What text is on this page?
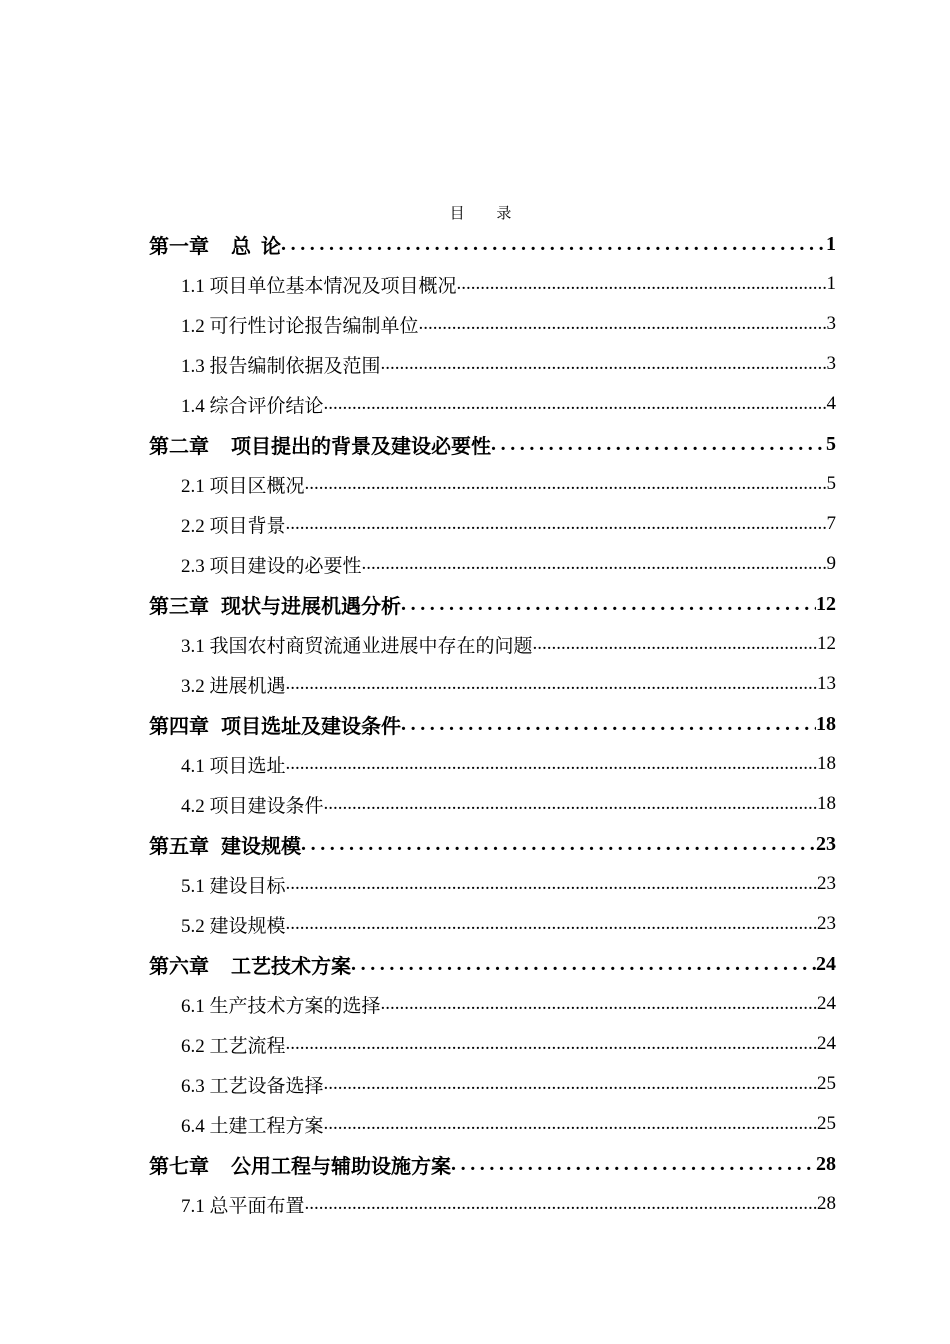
目 录
第一章  总  论 .....	1
1.1 项目单位基本情况及项目概况 .....	1
1.2 可行性讨论报告编制单位 .....	3
1.3 报告编制依据及范围 .....	3
1.4 综合评价结论 .....	4
第二章  项目提出的背景及建设必要性 .....	5
2.1 项目区概况 .....	5
2.2 项目背景 .....	7
2.3 项目建设的必要性 .....	9
第三章 现状与进展机遇分析 .....	12
3.1 我国农村商贸流通业进展中存在的问题 .....	12
3.2 进展机遇 .....	13
第四章 项目选址及建设条件 .....	18
4.1 项目选址 .....	18
4.2 项目建设条件 .....	18
第五章 建设规模 .....	23
5.1 建设目标 .....	23
5.2 建设规模 .....	23
第六章  工艺技术方案 .....	24
6.1 生产技术方案的选择 .....	24
6.2 工艺流程 .....	24
6.3 工艺设备选择 .....	25
6.4 土建工程方案 .....	25
第七章  公用工程与辅助设施方案 .....	28
7.1 总平面布置 .....	28
